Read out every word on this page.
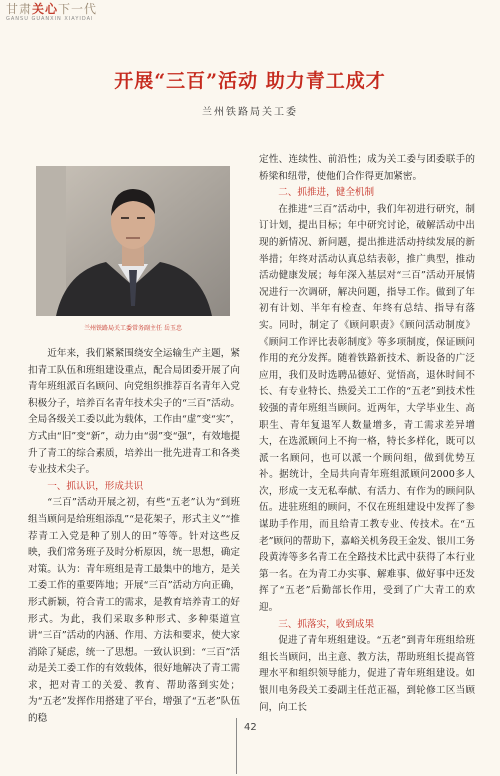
甘肃关心下一代
GANSU GUANXIN XIAYIDAI
开展“三百”活动 助力青工成才
兰州铁路局关工委
兰州铁路局关工委常务副主任 岳玉忠

近年来，我们紧紧围绕安全运输生产主题，紧扣青工队伍和班组建设重点，配合局团委开展了向青年班组派百名顾问、向党组织推荐百名青年入党积极分子，培养百名青年技术尖子的“三百”活动。全局各级关工委以此为载体，工作由“虚”变“实”，方式由“旧”变“新”，动力由“弱”变“强”，有效地提升了青工的综合素质，培养出一批先进青工和各类专业技术尖子。

一、抓认识，形成共识

“三百”活动开展之初，有些“五老”认为“到班组当顾问是给班组添乱”“是花架子，形式主义”“推荐青工入党是种了别人的田”等等。针对这些反映，我们常务班子及时分析原因，统一思想，确定对策。认为：青年班组是青工最集中的地方，是关工委工作的重要阵地；开展“三百”活动方向正确，形式新颖，符合青工的需求，是教育培养青工的好形式。为此，我们采取多种形式、多种渠道宣讲“三百”活动的内涵、作用、方法和要求，使大家消除了疑虑，统一了思想。一致认识到：“三百”活动是关工委工作的有效载体，很好地解决了青工需求，把对青工的关爱、教育、帮助落到实处；为“五老”发挥作用搭建了平台，增强了“五老”队伍的稳

定性、连续性、前沿性；成为关工委与团委联手的桥梁和纽带，使他们合作得更加紧密。

二、抓推进，健全机制

在推进“三百”活动中，我们年初进行研究，制订计划，提出目标；年中研究讨论，破解活动中出现的新情况、新问题，提出推进活动持续发展的新举措；年终对活动认真总结表彰，推广典型，推动活动健康发展；每年深入基层对“三百”活动开展情况进行一次调研，解决问题，指导工作。做到了年初有计划、半年有检查、年终有总结、指导有落实。同时，制定了《顾问职责》《顾问活动制度》《顾问工作评比表彰制度》等多项制度，保证顾问作用的充分发挥。随着铁路新技术、新设备的广泛应用，我们及时选聘品德好、觉悟高，退休时间不长、有专业特长、热爱关工工作的“五老”到技术性较强的青年班组当顾问。近两年，大学毕业生、高职生、青年复退军人数量增多，青工需求差异增大，在选派顾问上不拘一格，特长多样化，既可以派一名顾问，也可以派一个顾问组，做到优势互补。据统计，全局共向青年班组派顾问2000多人次，形成一支无私奉献、有活力、有作为的顾问队伍。进驻班组的顾问，不仅在班组建设中发挥了参谋助手作用，而且给青工教专业、传技术。在“五老”顾问的帮助下，嘉峪关机务段王金发、银川工务段黄涛等多名青工在全路技术比武中获得了本行业第一名。在为青工办实事、解难事、做好事中还发挥了“五老”后勤部长作用，受到了广大青工的欢迎。

三、抓落实，收到成果

促进了青年班组建设。“五老”到青年班组给班组长当顾问，出主意、教方法，帮助班组长提高管理水平和组织领导能力，促进了青年班组建设。如银川电务段关工委副主任范正福，到轮修工区当顾问，向工长

42
